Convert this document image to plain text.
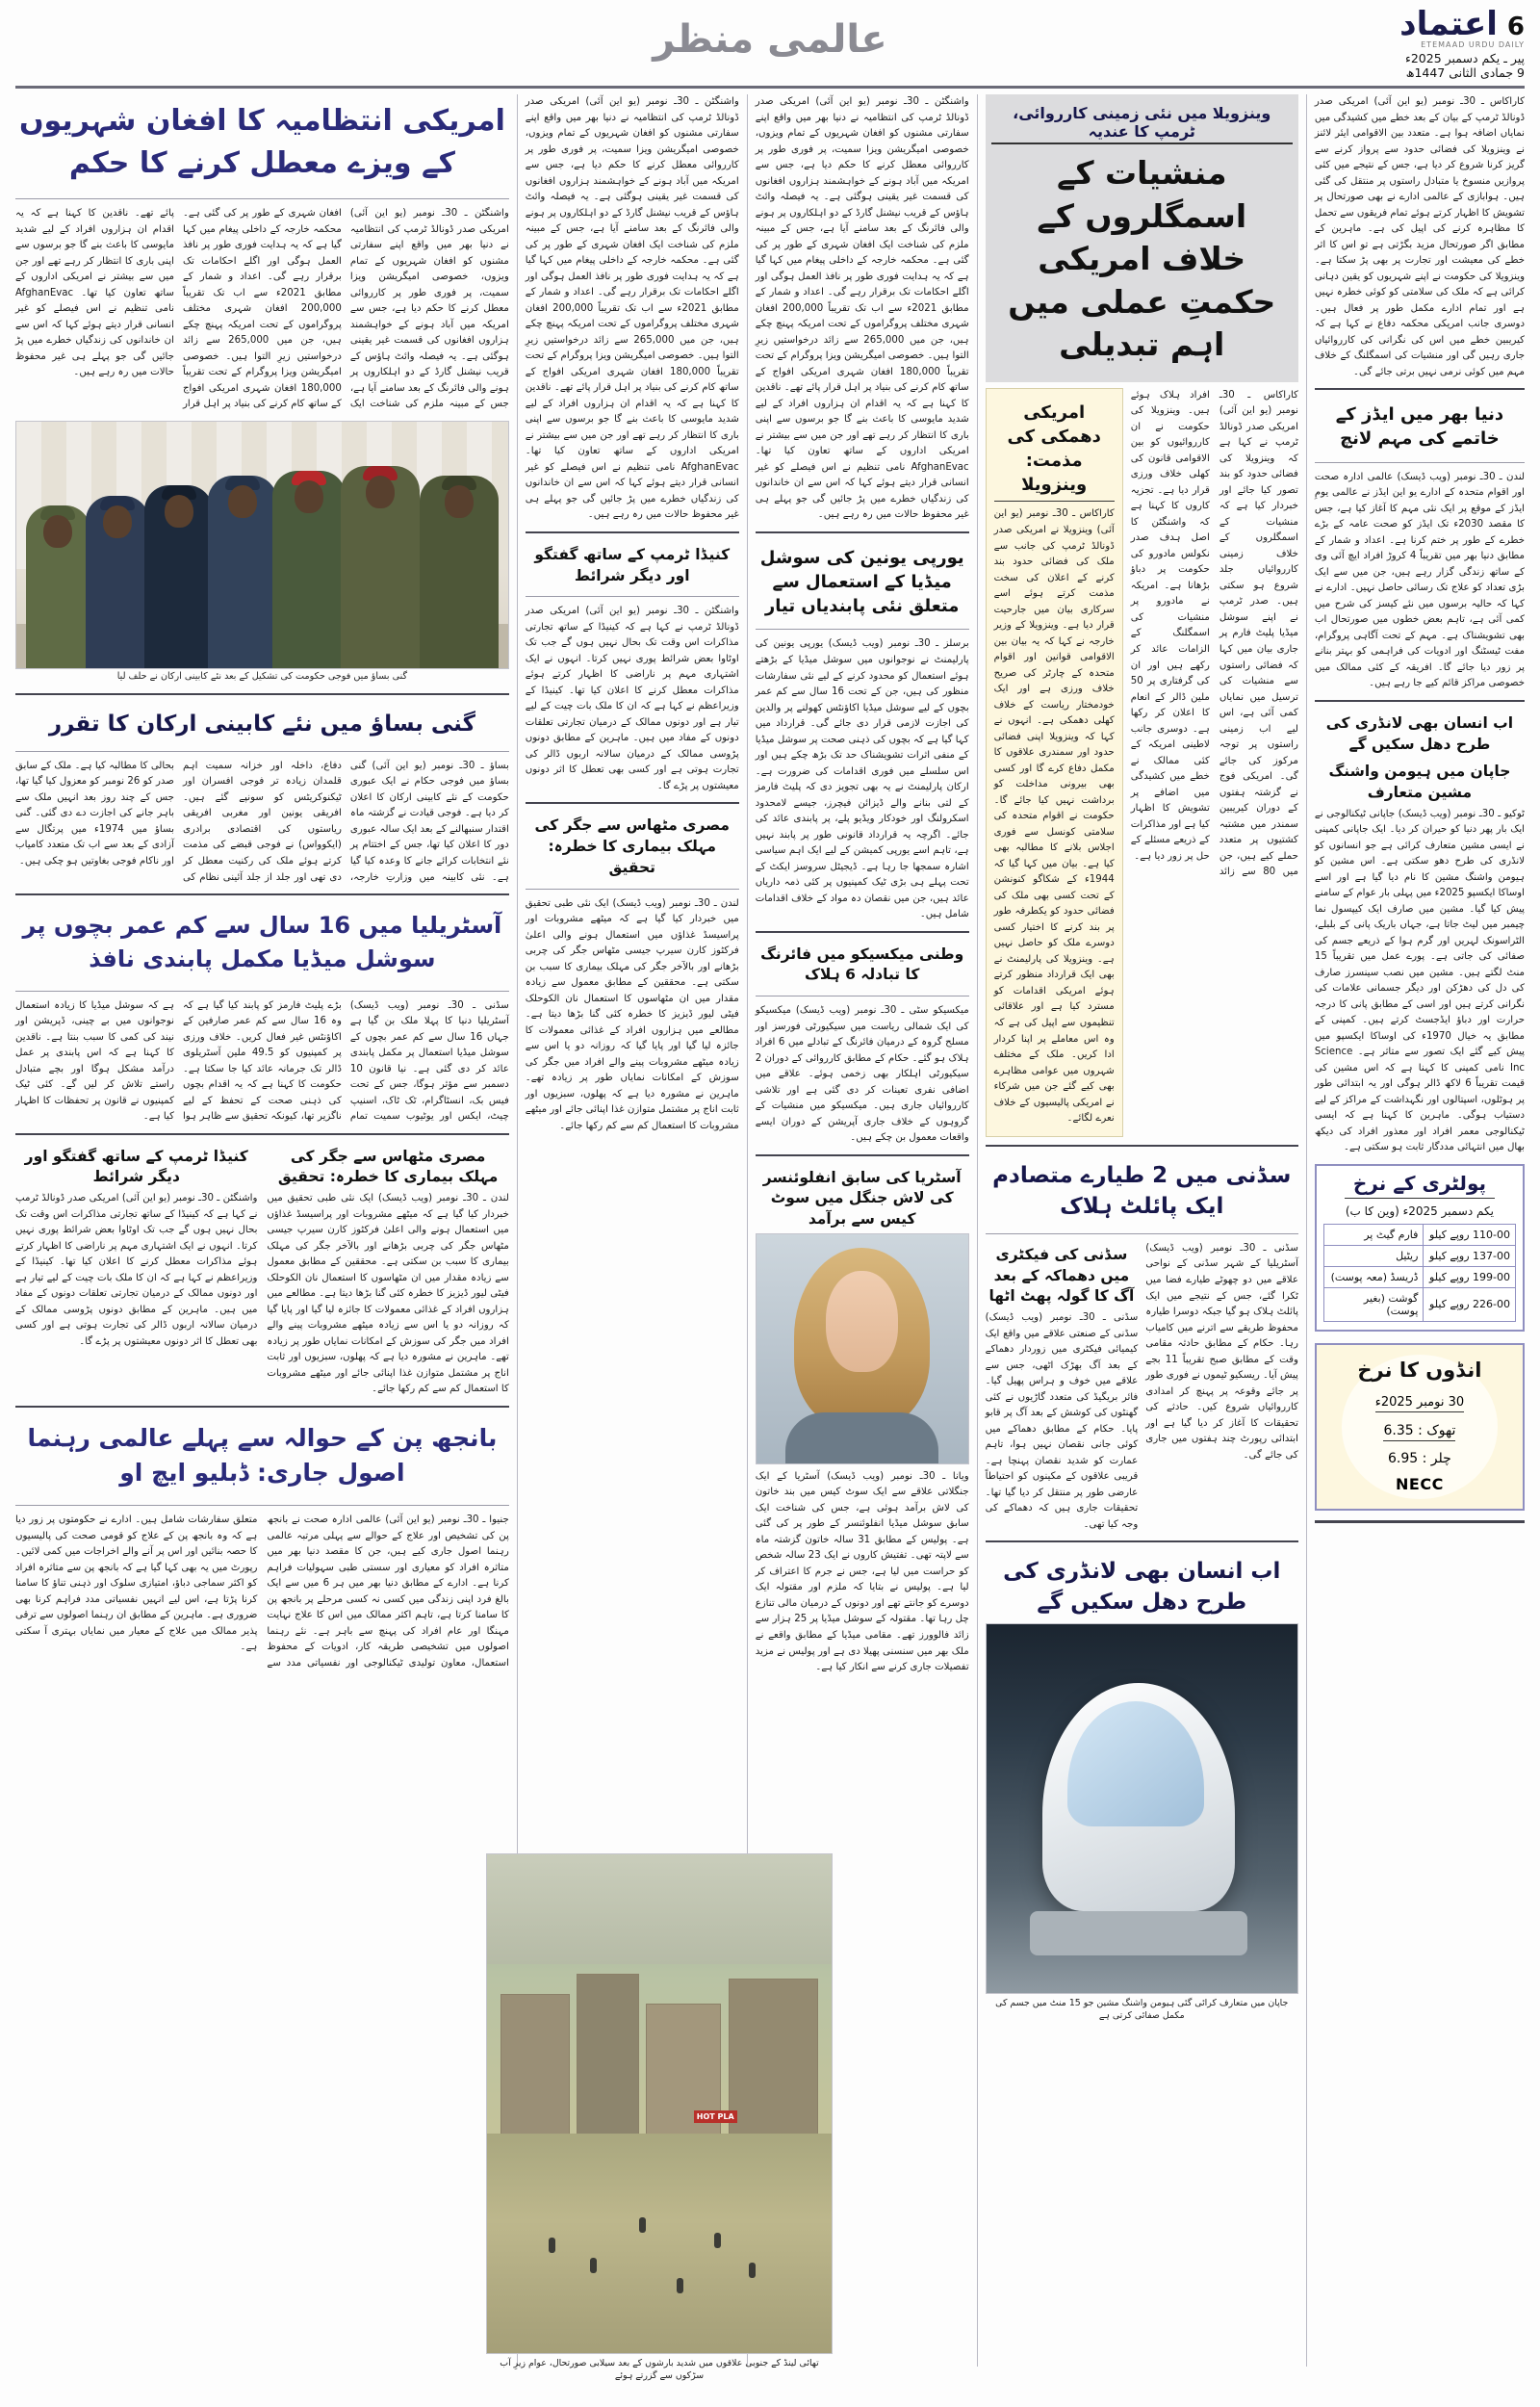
عالمی منظر	اعتماد 6
ETEMAAD URDU DAILY
پیر ـ یکم دسمبر 2025ء
9 جمادی الثانی 1447ھ
کاراکاس ـ 30ـ نومبر (یو این آئی) امریکی صدر ڈونالڈ ٹرمپ کے بیان کے بعد خطے میں کشیدگی میں نمایاں اضافہ ہوا ہے۔ متعدد بین الاقوامی ایئر لائنز نے وینزویلا کی فضائی حدود سے پرواز کرنے سے گریز کرنا شروع کر دیا ہے، جس کے نتیجے میں کئی پروازیں منسوخ یا متبادل راستوں پر منتقل کی گئی ہیں۔ ہوابازی کے عالمی ادارے نے بھی صورتحال پر تشویش کا اظہار کرتے ہوئے تمام فریقوں سے تحمل کا مظاہرہ کرنے کی اپیل کی ہے۔ ماہرین کے مطابق اگر صورتحال مزید بگڑتی ہے تو اس کا اثر خطے کی معیشت اور تجارت پر بھی پڑ سکتا ہے۔ وینزویلا کی حکومت نے اپنے شہریوں کو یقین دہانی کرائی ہے کہ ملک کی سلامتی کو کوئی خطرہ نہیں ہے اور تمام ادارے مکمل طور پر فعال ہیں۔ دوسری جانب امریکی محکمہ دفاع نے کہا ہے کہ کیریبین خطے میں اس کی نگرانی کی کارروائیاں جاری رہیں گی اور منشیات کی اسمگلنگ کے خلاف مہم میں کوئی نرمی نہیں برتی جائے گی۔
دنیا بھر میں ایڈز کے خاتمے کی مہم لانچ
لندن ـ 30ـ نومبر (ویب ڈیسک) عالمی ادارہ صحت اور اقوام متحدہ کے ادارے یو این ایڈز نے عالمی یومِ ایڈز کے موقع پر ایک نئی مہم کا آغاز کیا ہے، جس کا مقصد 2030ء تک ایڈز کو صحت عامہ کے بڑے خطرے کے طور پر ختم کرنا ہے۔ اعداد و شمار کے مطابق دنیا بھر میں تقریباً 4 کروڑ افراد ایچ آئی وی کے ساتھ زندگی گزار رہے ہیں، جن میں سے ایک بڑی تعداد کو علاج تک رسائی حاصل نہیں۔ ادارے نے کہا کہ حالیہ برسوں میں نئے کیسز کی شرح میں کمی آئی ہے، تاہم بعض خطوں میں صورتحال اب بھی تشویشناک ہے۔ مہم کے تحت آگاہی پروگرام، مفت ٹیسٹنگ اور ادویات کی فراہمی کو بہتر بنانے پر زور دیا جائے گا۔ افریقہ کے کئی ممالک میں خصوصی مراکز قائم کیے جا رہے ہیں۔
اب انسان بھی لانڈری کی طرح دھل سکیں گے
جاپان میں ہیومن واشنگ مشین متعارف
ٹوکیو ـ 30ـ نومبر (ویب ڈیسک) جاپانی ٹیکنالوجی نے ایک بار پھر دنیا کو حیران کر دیا۔ ایک جاپانی کمپنی نے ایسی مشین متعارف کرائی ہے جو انسانوں کو لانڈری کی طرح دھو سکتی ہے۔ اس مشین کو ہیومن واشنگ مشین کا نام دیا گیا ہے اور اسے اوساکا ایکسپو 2025ء میں پہلی بار عوام کے سامنے پیش کیا گیا۔ مشین میں صارف ایک کیپسول نما چیمبر میں لیٹ جاتا ہے، جہاں باریک پانی کے بلبلے، الٹراسونک لہریں اور گرم ہوا کے ذریعے جسم کی صفائی کی جاتی ہے۔ پورے عمل میں تقریباً 15 منٹ لگتے ہیں۔ مشین میں نصب سینسرز صارف کی دل کی دھڑکن اور دیگر جسمانی علامات کی نگرانی کرتے ہیں اور اسی کے مطابق پانی کا درجہ حرارت اور دباؤ ایڈجسٹ کرتے ہیں۔ کمپنی کے مطابق یہ خیال 1970ء کی اوساکا ایکسپو میں پیش کیے گئے ایک تصور سے متاثر ہے۔ Science Inc نامی کمپنی کا کہنا ہے کہ اس مشین کی قیمت تقریباً 6 لاکھ ڈالر ہوگی اور یہ ابتدائی طور پر ہوٹلوں، اسپتالوں اور نگہداشت کے مراکز کے لیے دستیاب ہوگی۔ ماہرین کا کہنا ہے کہ ایسی ٹیکنالوجی معمر افراد اور معذور افراد کی دیکھ بھال میں انتہائی مددگار ثابت ہو سکتی ہے۔
پولٹری کے نرخ
یکم دسمبر 2025ء (وین کا ب)
110-00 روپے کیلو	فارم گیٹ پر
137-00 روپے کیلو	ریٹیل
199-00 روپے کیلو	ڈریسڈ (معہ پوست)
226-00 روپے کیلو	گوشت (بغیر پوست)
انڈوں کا نرخ
30 نومبر 2025ء
تھوک : 6.35
چلر : 6.95

NECC
وینزویلا میں نئی زمینی کارروائی، ٹرمپ کا عندیہ
منشیات کے اسمگلروں کے خلاف امریکی حکمتِ عملی میں اہم تبدیلی
کاراکاس ـ 30ـ نومبر (یو این آئی) امریکی صدر ڈونالڈ ٹرمپ نے کہا ہے کہ وینزویلا کی فضائی حدود کو بند تصور کیا جائے اور خبردار کیا ہے کہ منشیات کے اسمگلروں کے خلاف زمینی کارروائیاں جلد شروع ہو سکتی ہیں۔ صدر ٹرمپ نے اپنے سوشل میڈیا پلیٹ فارم پر جاری بیان میں کہا کہ فضائی راستوں سے منشیات کی ترسیل میں نمایاں کمی آئی ہے، اس لیے اب زمینی راستوں پر توجہ مرکوز کی جائے گی۔ امریکی فوج نے گزشتہ ہفتوں کے دوران کیریبین سمندر میں مشتبہ کشتیوں پر متعدد حملے کیے ہیں، جن میں 80 سے زائد افراد ہلاک ہوئے ہیں۔ وینزویلا کی حکومت نے ان کارروائیوں کو بین الاقوامی قانون کی کھلی خلاف ورزی قرار دیا ہے۔ تجزیہ کاروں کا کہنا ہے کہ واشنگٹن کا اصل ہدف صدر نکولس مادورو کی حکومت پر دباؤ بڑھانا ہے۔ امریکہ نے مادورو پر منشیات کی اسمگلنگ کے الزامات عائد کر رکھے ہیں اور ان کی گرفتاری پر 50 ملین ڈالر کے انعام کا اعلان کر رکھا ہے۔ دوسری جانب لاطینی امریکہ کے کئی ممالک نے خطے میں کشیدگی میں اضافے پر تشویش کا اظہار کیا ہے اور مذاکرات کے ذریعے مسئلے کے حل پر زور دیا ہے۔
امریکی دھمکی کی مذمت: وینزویلا
کاراکاس ـ 30ـ نومبر (یو این آئی) وینزویلا نے امریکی صدر ڈونالڈ ٹرمپ کی جانب سے ملک کی فضائی حدود بند کرنے کے اعلان کی سخت مذمت کرتے ہوئے اسے سرکاری بیان میں جارحیت قرار دیا ہے۔ وینزویلا کے وزیر خارجہ نے کہا کہ یہ بیان بین الاقوامی قوانین اور اقوام متحدہ کے چارٹر کی صریح خلاف ورزی ہے اور ایک خودمختار ریاست کے خلاف کھلی دھمکی ہے۔ انہوں نے کہا کہ وینزویلا اپنی فضائی حدود اور سمندری علاقوں کا مکمل دفاع کرے گا اور کسی بھی بیرونی مداخلت کو برداشت نہیں کیا جائے گا۔ حکومت نے اقوام متحدہ کی سلامتی کونسل سے فوری اجلاس بلانے کا مطالبہ بھی کیا ہے۔ بیان میں کہا گیا کہ 1944ء کے شکاگو کنونشن کے تحت کسی بھی ملک کی فضائی حدود کو یکطرفہ طور پر بند کرنے کا اختیار کسی دوسرے ملک کو حاصل نہیں ہے۔ وینزویلا کی پارلیمنٹ نے بھی ایک قرارداد منظور کرتے ہوئے امریکی اقدامات کو مسترد کیا ہے اور علاقائی تنظیموں سے اپیل کی ہے کہ وہ اس معاملے پر اپنا کردار ادا کریں۔ ملک کے مختلف شہروں میں عوامی مظاہرے بھی کیے گئے جن میں شرکاء نے امریکی پالیسیوں کے خلاف نعرے لگائے۔
سڈنی میں 2 طیارے متصادم ایک پائلٹ ہلاک
سڈنی ـ 30ـ نومبر (ویب ڈیسک) آسٹریلیا کے شہر سڈنی کے نواحی علاقے میں دو چھوٹے طیارے فضا میں ٹکرا گئے، جس کے نتیجے میں ایک پائلٹ ہلاک ہو گیا جبکہ دوسرا طیارہ محفوظ طریقے سے اترنے میں کامیاب رہا۔ حکام کے مطابق حادثہ مقامی وقت کے مطابق صبح تقریباً 11 بجے پیش آیا۔ ریسکیو ٹیموں نے فوری طور پر جائے وقوعہ پر پہنچ کر امدادی کارروائیاں شروع کیں۔ حادثے کی تحقیقات کا آغاز کر دیا گیا ہے اور ابتدائی رپورٹ چند ہفتوں میں جاری کی جائے گی۔
سڈنی کی فیکٹری میں دھماکہ کے بعد آگ کا گولہ پھٹ اٹھا
سڈنی ـ 30ـ نومبر (ویب ڈیسک) سڈنی کے صنعتی علاقے میں واقع ایک کیمیائی فیکٹری میں زوردار دھماکے کے بعد آگ بھڑک اٹھی، جس سے علاقے میں خوف و ہراس پھیل گیا۔ فائر بریگیڈ کی متعدد گاڑیوں نے کئی گھنٹوں کی کوشش کے بعد آگ پر قابو پایا۔ حکام کے مطابق دھماکے میں کوئی جانی نقصان نہیں ہوا، تاہم عمارت کو شدید نقصان پہنچا ہے۔ قریبی علاقوں کے مکینوں کو احتیاطاً عارضی طور پر منتقل کر دیا گیا تھا۔ تحقیقات جاری ہیں کہ دھماکے کی وجہ کیا تھی۔
اب انسان بھی لانڈری کی طرح دھل سکیں گے
جاپان میں متعارف کرائی گئی ہیومن واشنگ مشین جو 15 منٹ میں جسم کی مکمل صفائی کرتی ہے
واشنگٹن ـ 30ـ نومبر (یو این آئی) امریکی صدر ڈونالڈ ٹرمپ کی انتظامیہ نے دنیا بھر میں واقع اپنے سفارتی مشنوں کو افغان شہریوں کے تمام ویزوں، خصوصی امیگریشن ویزا سمیت، پر فوری طور پر کارروائی معطل کرنے کا حکم دیا ہے، جس سے امریکہ میں آباد ہونے کے خواہشمند ہزاروں افغانوں کی قسمت غیر یقینی ہوگئی ہے۔ یہ فیصلہ وائٹ ہاؤس کے قریب نیشنل گارڈ کے دو اہلکاروں پر ہونے والی فائرنگ کے بعد سامنے آیا ہے، جس کے مبینہ ملزم کی شناخت ایک افغان شہری کے طور پر کی گئی ہے۔ محکمہ خارجہ کے داخلی پیغام میں کہا گیا ہے کہ یہ ہدایت فوری طور پر نافذ العمل ہوگی اور اگلے احکامات تک برقرار رہے گی۔ اعداد و شمار کے مطابق 2021ء سے اب تک تقریباً 200,000 افغان شہری مختلف پروگراموں کے تحت امریکہ پہنچ چکے ہیں، جن میں 265,000 سے زائد درخواستیں زیرِ التوا ہیں۔ خصوصی امیگریشن ویزا پروگرام کے تحت تقریباً 180,000 افغان شہری امریکی افواج کے ساتھ کام کرنے کی بنیاد پر اہل قرار پائے تھے۔ ناقدین کا کہنا ہے کہ یہ اقدام ان ہزاروں افراد کے لیے شدید مایوسی کا باعث بنے گا جو برسوں سے اپنی باری کا انتظار کر رہے تھے اور جن میں سے بیشتر نے امریکی اداروں کے ساتھ تعاون کیا تھا۔ AfghanEvac نامی تنظیم نے اس فیصلے کو غیر انسانی قرار دیتے ہوئے کہا کہ اس سے ان خاندانوں کی زندگیاں خطرے میں پڑ جائیں گی جو پہلے ہی غیر محفوظ حالات میں رہ رہے ہیں۔
یورپی یونین کی سوشل میڈیا کے استعمال سے متعلق نئی پابندیاں تیار
برسلز ـ 30ـ نومبر (ویب ڈیسک) یورپی یونین کی پارلیمنٹ نے نوجوانوں میں سوشل میڈیا کے بڑھتے ہوئے استعمال کو محدود کرنے کے لیے نئی سفارشات منظور کی ہیں، جن کے تحت 16 سال سے کم عمر بچوں کے لیے سوشل میڈیا اکاؤنٹس کھولنے پر والدین کی اجازت لازمی قرار دی جائے گی۔ قرارداد میں کہا گیا ہے کہ بچوں کی ذہنی صحت پر سوشل میڈیا کے منفی اثرات تشویشناک حد تک بڑھ چکے ہیں اور اس سلسلے میں فوری اقدامات کی ضرورت ہے۔ ارکان پارلیمنٹ نے یہ بھی تجویز دی کہ پلیٹ فارمز کے لتی بنانے والے ڈیزائن فیچرز، جیسے لامحدود اسکرولنگ اور خودکار ویڈیو پلے، پر پابندی عائد کی جائے۔ اگرچہ یہ قرارداد قانونی طور پر پابند نہیں ہے، تاہم اسے یورپی کمیشن کے لیے ایک اہم سیاسی اشارہ سمجھا جا رہا ہے۔ ڈیجیٹل سروسز ایکٹ کے تحت پہلے ہی بڑی ٹیک کمپنیوں پر کئی ذمہ داریاں عائد ہیں، جن میں نقصان دہ مواد کے خلاف اقدامات شامل ہیں۔
وطنی میکسیکو میں فائرنگ کا تبادلہ 6 ہلاک
میکسیکو سٹی ـ 30ـ نومبر (ویب ڈیسک) میکسیکو کی ایک شمالی ریاست میں سیکیورٹی فورسز اور مسلح گروہ کے درمیان فائرنگ کے تبادلے میں 6 افراد ہلاک ہو گئے۔ حکام کے مطابق کارروائی کے دوران 2 سیکیورٹی اہلکار بھی زخمی ہوئے۔ علاقے میں اضافی نفری تعینات کر دی گئی ہے اور تلاشی کارروائیاں جاری ہیں۔ میکسیکو میں منشیات کے گروہوں کے خلاف جاری آپریشن کے دوران ایسے واقعات معمول بن چکے ہیں۔
آسٹریا کی سابق انفلوئنسر کی لاش جنگل میں سوٹ کیس سے برآمد
ویانا ـ 30ـ نومبر (ویب ڈیسک) آسٹریا کے ایک جنگلاتی علاقے سے ایک سوٹ کیس میں بند خاتون کی لاش برآمد ہوئی ہے، جس کی شناخت ایک سابق سوشل میڈیا انفلوئنسر کے طور پر کی گئی ہے۔ پولیس کے مطابق 31 سالہ خاتون گزشتہ ماہ سے لاپتہ تھی۔ تفتیش کاروں نے ایک 23 سالہ شخص کو حراست میں لیا ہے، جس نے جرم کا اعتراف کر لیا ہے۔ پولیس نے بتایا کہ ملزم اور مقتولہ ایک دوسرے کو جانتے تھے اور دونوں کے درمیان مالی تنازع چل رہا تھا۔ مقتولہ کے سوشل میڈیا پر 25 ہزار سے زائد فالوورز تھے۔ مقامی میڈیا کے مطابق واقعے نے ملک بھر میں سنسنی پھیلا دی ہے اور پولیس نے مزید تفصیلات جاری کرنے سے انکار کیا ہے۔
واشنگٹن ـ 30ـ نومبر (یو این آئی) امریکی صدر ڈونالڈ ٹرمپ کی انتظامیہ نے دنیا بھر میں واقع اپنے سفارتی مشنوں کو افغان شہریوں کے تمام ویزوں، خصوصی امیگریشن ویزا سمیت، پر فوری طور پر کارروائی معطل کرنے کا حکم دیا ہے، جس سے امریکہ میں آباد ہونے کے خواہشمند ہزاروں افغانوں کی قسمت غیر یقینی ہوگئی ہے۔ یہ فیصلہ وائٹ ہاؤس کے قریب نیشنل گارڈ کے دو اہلکاروں پر ہونے والی فائرنگ کے بعد سامنے آیا ہے، جس کے مبینہ ملزم کی شناخت ایک افغان شہری کے طور پر کی گئی ہے۔ محکمہ خارجہ کے داخلی پیغام میں کہا گیا ہے کہ یہ ہدایت فوری طور پر نافذ العمل ہوگی اور اگلے احکامات تک برقرار رہے گی۔ اعداد و شمار کے مطابق 2021ء سے اب تک تقریباً 200,000 افغان شہری مختلف پروگراموں کے تحت امریکہ پہنچ چکے ہیں، جن میں 265,000 سے زائد درخواستیں زیرِ التوا ہیں۔ خصوصی امیگریشن ویزا پروگرام کے تحت تقریباً 180,000 افغان شہری امریکی افواج کے ساتھ کام کرنے کی بنیاد پر اہل قرار پائے تھے۔ ناقدین کا کہنا ہے کہ یہ اقدام ان ہزاروں افراد کے لیے شدید مایوسی کا باعث بنے گا جو برسوں سے اپنی باری کا انتظار کر رہے تھے اور جن میں سے بیشتر نے امریکی اداروں کے ساتھ تعاون کیا تھا۔ AfghanEvac نامی تنظیم نے اس فیصلے کو غیر انسانی قرار دیتے ہوئے کہا کہ اس سے ان خاندانوں کی زندگیاں خطرے میں پڑ جائیں گی جو پہلے ہی غیر محفوظ حالات میں رہ رہے ہیں۔
کنیڈا ٹرمپ کے ساتھ گفتگو اور دیگر شرائط
واشنگٹن ـ 30ـ نومبر (یو این آئی) امریکی صدر ڈونالڈ ٹرمپ نے کہا ہے کہ کینیڈا کے ساتھ تجارتی مذاکرات اس وقت تک بحال نہیں ہوں گے جب تک اوٹاوا بعض شرائط پوری نہیں کرتا۔ انہوں نے ایک اشتہاری مہم پر ناراضی کا اظہار کرتے ہوئے مذاکرات معطل کرنے کا اعلان کیا تھا۔ کینیڈا کے وزیراعظم نے کہا ہے کہ ان کا ملک بات چیت کے لیے تیار ہے اور دونوں ممالک کے درمیان تجارتی تعلقات دونوں کے مفاد میں ہیں۔ ماہرین کے مطابق دونوں پڑوسی ممالک کے درمیان سالانہ اربوں ڈالر کی تجارت ہوتی ہے اور کسی بھی تعطل کا اثر دونوں معیشتوں پر پڑے گا۔
مصری مٹھاس سے جگر کی مہلک بیماری کا خطرہ: تحقیق
لندن ـ 30ـ نومبر (ویب ڈیسک) ایک نئی طبی تحقیق میں خبردار کیا گیا ہے کہ میٹھے مشروبات اور پراسیسڈ غذاؤں میں استعمال ہونے والی اعلیٰ فرکٹوز کارن سیرپ جیسی مٹھاس جگر کی چربی بڑھانے اور بالآخر جگر کی مہلک بیماری کا سبب بن سکتی ہے۔ محققین کے مطابق معمول سے زیادہ مقدار میں ان مٹھاسوں کا استعمال نان الکوحلک فیٹی لیور ڈیزیز کا خطرہ کئی گنا بڑھا دیتا ہے۔ مطالعے میں ہزاروں افراد کے غذائی معمولات کا جائزہ لیا گیا اور پایا گیا کہ روزانہ دو یا اس سے زیادہ میٹھے مشروبات پینے والے افراد میں جگر کی سوزش کے امکانات نمایاں طور پر زیادہ تھے۔ ماہرین نے مشورہ دیا ہے کہ پھلوں، سبزیوں اور ثابت اناج پر مشتمل متوازن غذا اپنائی جائے اور میٹھے مشروبات کا استعمال کم سے کم رکھا جائے۔
امریکی انتظامیہ کا افغان شہریوں کے ویزے معطل کرنے کا حکم
واشنگٹن ـ 30ـ نومبر (یو این آئی) امریکی صدر ڈونالڈ ٹرمپ کی انتظامیہ نے دنیا بھر میں واقع اپنے سفارتی مشنوں کو افغان شہریوں کے تمام ویزوں، خصوصی امیگریشن ویزا سمیت، پر فوری طور پر کارروائی معطل کرنے کا حکم دیا ہے، جس سے امریکہ میں آباد ہونے کے خواہشمند ہزاروں افغانوں کی قسمت غیر یقینی ہوگئی ہے۔ یہ فیصلہ وائٹ ہاؤس کے قریب نیشنل گارڈ کے دو اہلکاروں پر ہونے والی فائرنگ کے بعد سامنے آیا ہے، جس کے مبینہ ملزم کی شناخت ایک افغان شہری کے طور پر کی گئی ہے۔ محکمہ خارجہ کے داخلی پیغام میں کہا گیا ہے کہ یہ ہدایت فوری طور پر نافذ العمل ہوگی اور اگلے احکامات تک برقرار رہے گی۔ اعداد و شمار کے مطابق 2021ء سے اب تک تقریباً 200,000 افغان شہری مختلف پروگراموں کے تحت امریکہ پہنچ چکے ہیں، جن میں 265,000 سے زائد درخواستیں زیرِ التوا ہیں۔ خصوصی امیگریشن ویزا پروگرام کے تحت تقریباً 180,000 افغان شہری امریکی افواج کے ساتھ کام کرنے کی بنیاد پر اہل قرار پائے تھے۔ ناقدین کا کہنا ہے کہ یہ اقدام ان ہزاروں افراد کے لیے شدید مایوسی کا باعث بنے گا جو برسوں سے اپنی باری کا انتظار کر رہے تھے اور جن میں سے بیشتر نے امریکی اداروں کے ساتھ تعاون کیا تھا۔ AfghanEvac نامی تنظیم نے اس فیصلے کو غیر انسانی قرار دیتے ہوئے کہا کہ اس سے ان خاندانوں کی زندگیاں خطرے میں پڑ جائیں گی جو پہلے ہی غیر محفوظ حالات میں رہ رہے ہیں۔
گنی بساؤ میں فوجی حکومت کی تشکیل کے بعد نئے کابینی ارکان نے حلف لیا
گنی بساؤ میں نئے کابینی ارکان کا تقرر
بساؤ ـ 30ـ نومبر (یو این آئی) گنی بساؤ میں فوجی حکام نے ایک عبوری حکومت کے نئے کابینی ارکان کا اعلان کر دیا ہے۔ فوجی قیادت نے گزشتہ ماہ اقتدار سنبھالنے کے بعد ایک سالہ عبوری دور کا اعلان کیا تھا، جس کے اختتام پر نئے انتخابات کرائے جانے کا وعدہ کیا گیا ہے۔ نئی کابینہ میں وزارتِ خارجہ، دفاع، داخلہ اور خزانہ سمیت اہم قلمدان زیادہ تر فوجی افسران اور ٹیکنوکریٹس کو سونپے گئے ہیں۔ افریقی یونین اور مغربی افریقی ریاستوں کی اقتصادی برادری (ایکوواس) نے فوجی قبضے کی مذمت کرتے ہوئے ملک کی رکنیت معطل کر دی تھی اور جلد از جلد آئینی نظام کی بحالی کا مطالبہ کیا ہے۔ ملک کے سابق صدر کو 26 نومبر کو معزول کیا گیا تھا، جس کے چند روز بعد انہیں ملک سے باہر جانے کی اجازت دے دی گئی۔ گنی بساؤ میں 1974ء میں پرتگال سے آزادی کے بعد سے اب تک متعدد کامیاب اور ناکام فوجی بغاوتیں ہو چکی ہیں۔
آسٹریلیا میں 16 سال سے کم عمر بچوں پر سوشل میڈیا مکمل پابندی نافذ
سڈنی ـ 30ـ نومبر (ویب ڈیسک) آسٹریلیا دنیا کا پہلا ملک بن گیا ہے جہاں 16 سال سے کم عمر بچوں کے سوشل میڈیا استعمال پر مکمل پابندی عائد کر دی گئی ہے۔ نیا قانون 10 دسمبر سے مؤثر ہوگا، جس کے تحت فیس بک، انسٹاگرام، ٹک ٹاک، اسنیپ چیٹ، ایکس اور یوٹیوب سمیت تمام بڑے پلیٹ فارمز کو پابند کیا گیا ہے کہ وہ 16 سال سے کم عمر صارفین کے اکاؤنٹس غیر فعال کریں۔ خلاف ورزی پر کمپنیوں کو 49.5 ملین آسٹریلوی ڈالر تک جرمانہ عائد کیا جا سکتا ہے۔ حکومت کا کہنا ہے کہ یہ اقدام بچوں کی ذہنی صحت کے تحفظ کے لیے ناگزیر تھا، کیونکہ تحقیق سے ظاہر ہوا ہے کہ سوشل میڈیا کا زیادہ استعمال نوجوانوں میں بے چینی، ڈپریشن اور نیند کی کمی کا سبب بنتا ہے۔ ناقدین کا کہنا ہے کہ اس پابندی پر عمل درآمد مشکل ہوگا اور بچے متبادل راستے تلاش کر لیں گے۔ کئی ٹیک کمپنیوں نے قانون پر تحفظات کا اظہار کیا ہے۔
مصری مٹھاس سے جگر کی مہلک بیماری کا خطرہ: تحقیق
لندن ـ 30ـ نومبر (ویب ڈیسک) ایک نئی طبی تحقیق میں خبردار کیا گیا ہے کہ میٹھے مشروبات اور پراسیسڈ غذاؤں میں استعمال ہونے والی اعلیٰ فرکٹوز کارن سیرپ جیسی مٹھاس جگر کی چربی بڑھانے اور بالآخر جگر کی مہلک بیماری کا سبب بن سکتی ہے۔ محققین کے مطابق معمول سے زیادہ مقدار میں ان مٹھاسوں کا استعمال نان الکوحلک فیٹی لیور ڈیزیز کا خطرہ کئی گنا بڑھا دیتا ہے۔ مطالعے میں ہزاروں افراد کے غذائی معمولات کا جائزہ لیا گیا اور پایا گیا کہ روزانہ دو یا اس سے زیادہ میٹھے مشروبات پینے والے افراد میں جگر کی سوزش کے امکانات نمایاں طور پر زیادہ تھے۔ ماہرین نے مشورہ دیا ہے کہ پھلوں، سبزیوں اور ثابت اناج پر مشتمل متوازن غذا اپنائی جائے اور میٹھے مشروبات کا استعمال کم سے کم رکھا جائے۔
کنیڈا ٹرمپ کے ساتھ گفتگو اور دیگر شرائط
واشنگٹن ـ 30ـ نومبر (یو این آئی) امریکی صدر ڈونالڈ ٹرمپ نے کہا ہے کہ کینیڈا کے ساتھ تجارتی مذاکرات اس وقت تک بحال نہیں ہوں گے جب تک اوٹاوا بعض شرائط پوری نہیں کرتا۔ انہوں نے ایک اشتہاری مہم پر ناراضی کا اظہار کرتے ہوئے مذاکرات معطل کرنے کا اعلان کیا تھا۔ کینیڈا کے وزیراعظم نے کہا ہے کہ ان کا ملک بات چیت کے لیے تیار ہے اور دونوں ممالک کے درمیان تجارتی تعلقات دونوں کے مفاد میں ہیں۔ ماہرین کے مطابق دونوں پڑوسی ممالک کے درمیان سالانہ اربوں ڈالر کی تجارت ہوتی ہے اور کسی بھی تعطل کا اثر دونوں معیشتوں پر پڑے گا۔
بانجھ پن کے حوالہ سے پہلے عالمی رہنما اصول جاری: ڈبلیو ایچ او
جنیوا ـ 30ـ نومبر (یو این آئی) عالمی ادارہ صحت نے بانجھ پن کی تشخیص اور علاج کے حوالے سے پہلی مرتبہ عالمی رہنما اصول جاری کیے ہیں، جن کا مقصد دنیا بھر میں متاثرہ افراد کو معیاری اور سستی طبی سہولیات فراہم کرنا ہے۔ ادارے کے مطابق دنیا بھر میں ہر 6 میں سے ایک بالغ فرد اپنی زندگی میں کسی نہ کسی مرحلے پر بانجھ پن کا سامنا کرتا ہے، تاہم اکثر ممالک میں اس کا علاج نہایت مہنگا اور عام افراد کی پہنچ سے باہر ہے۔ نئے رہنما اصولوں میں تشخیصی طریقہ کار، ادویات کے محفوظ استعمال، معاون تولیدی ٹیکنالوجی اور نفسیاتی مدد سے متعلق سفارشات شامل ہیں۔ ادارے نے حکومتوں پر زور دیا ہے کہ وہ بانجھ پن کے علاج کو قومی صحت کی پالیسیوں کا حصہ بنائیں اور اس پر آنے والے اخراجات میں کمی لائیں۔ رپورٹ میں یہ بھی کہا گیا ہے کہ بانجھ پن سے متاثرہ افراد کو اکثر سماجی دباؤ، امتیازی سلوک اور ذہنی تناؤ کا سامنا کرنا پڑتا ہے، اس لیے انہیں نفسیاتی مدد فراہم کرنا بھی ضروری ہے۔ ماہرین کے مطابق ان رہنما اصولوں سے ترقی پذیر ممالک میں علاج کے معیار میں نمایاں بہتری آ سکتی ہے۔
HOT PLA
تھائی لینڈ کے جنوبی علاقوں میں شدید بارشوں کے بعد سیلابی صورتحال، عوام زیرِ آب سڑکوں سے گزرتے ہوئے
